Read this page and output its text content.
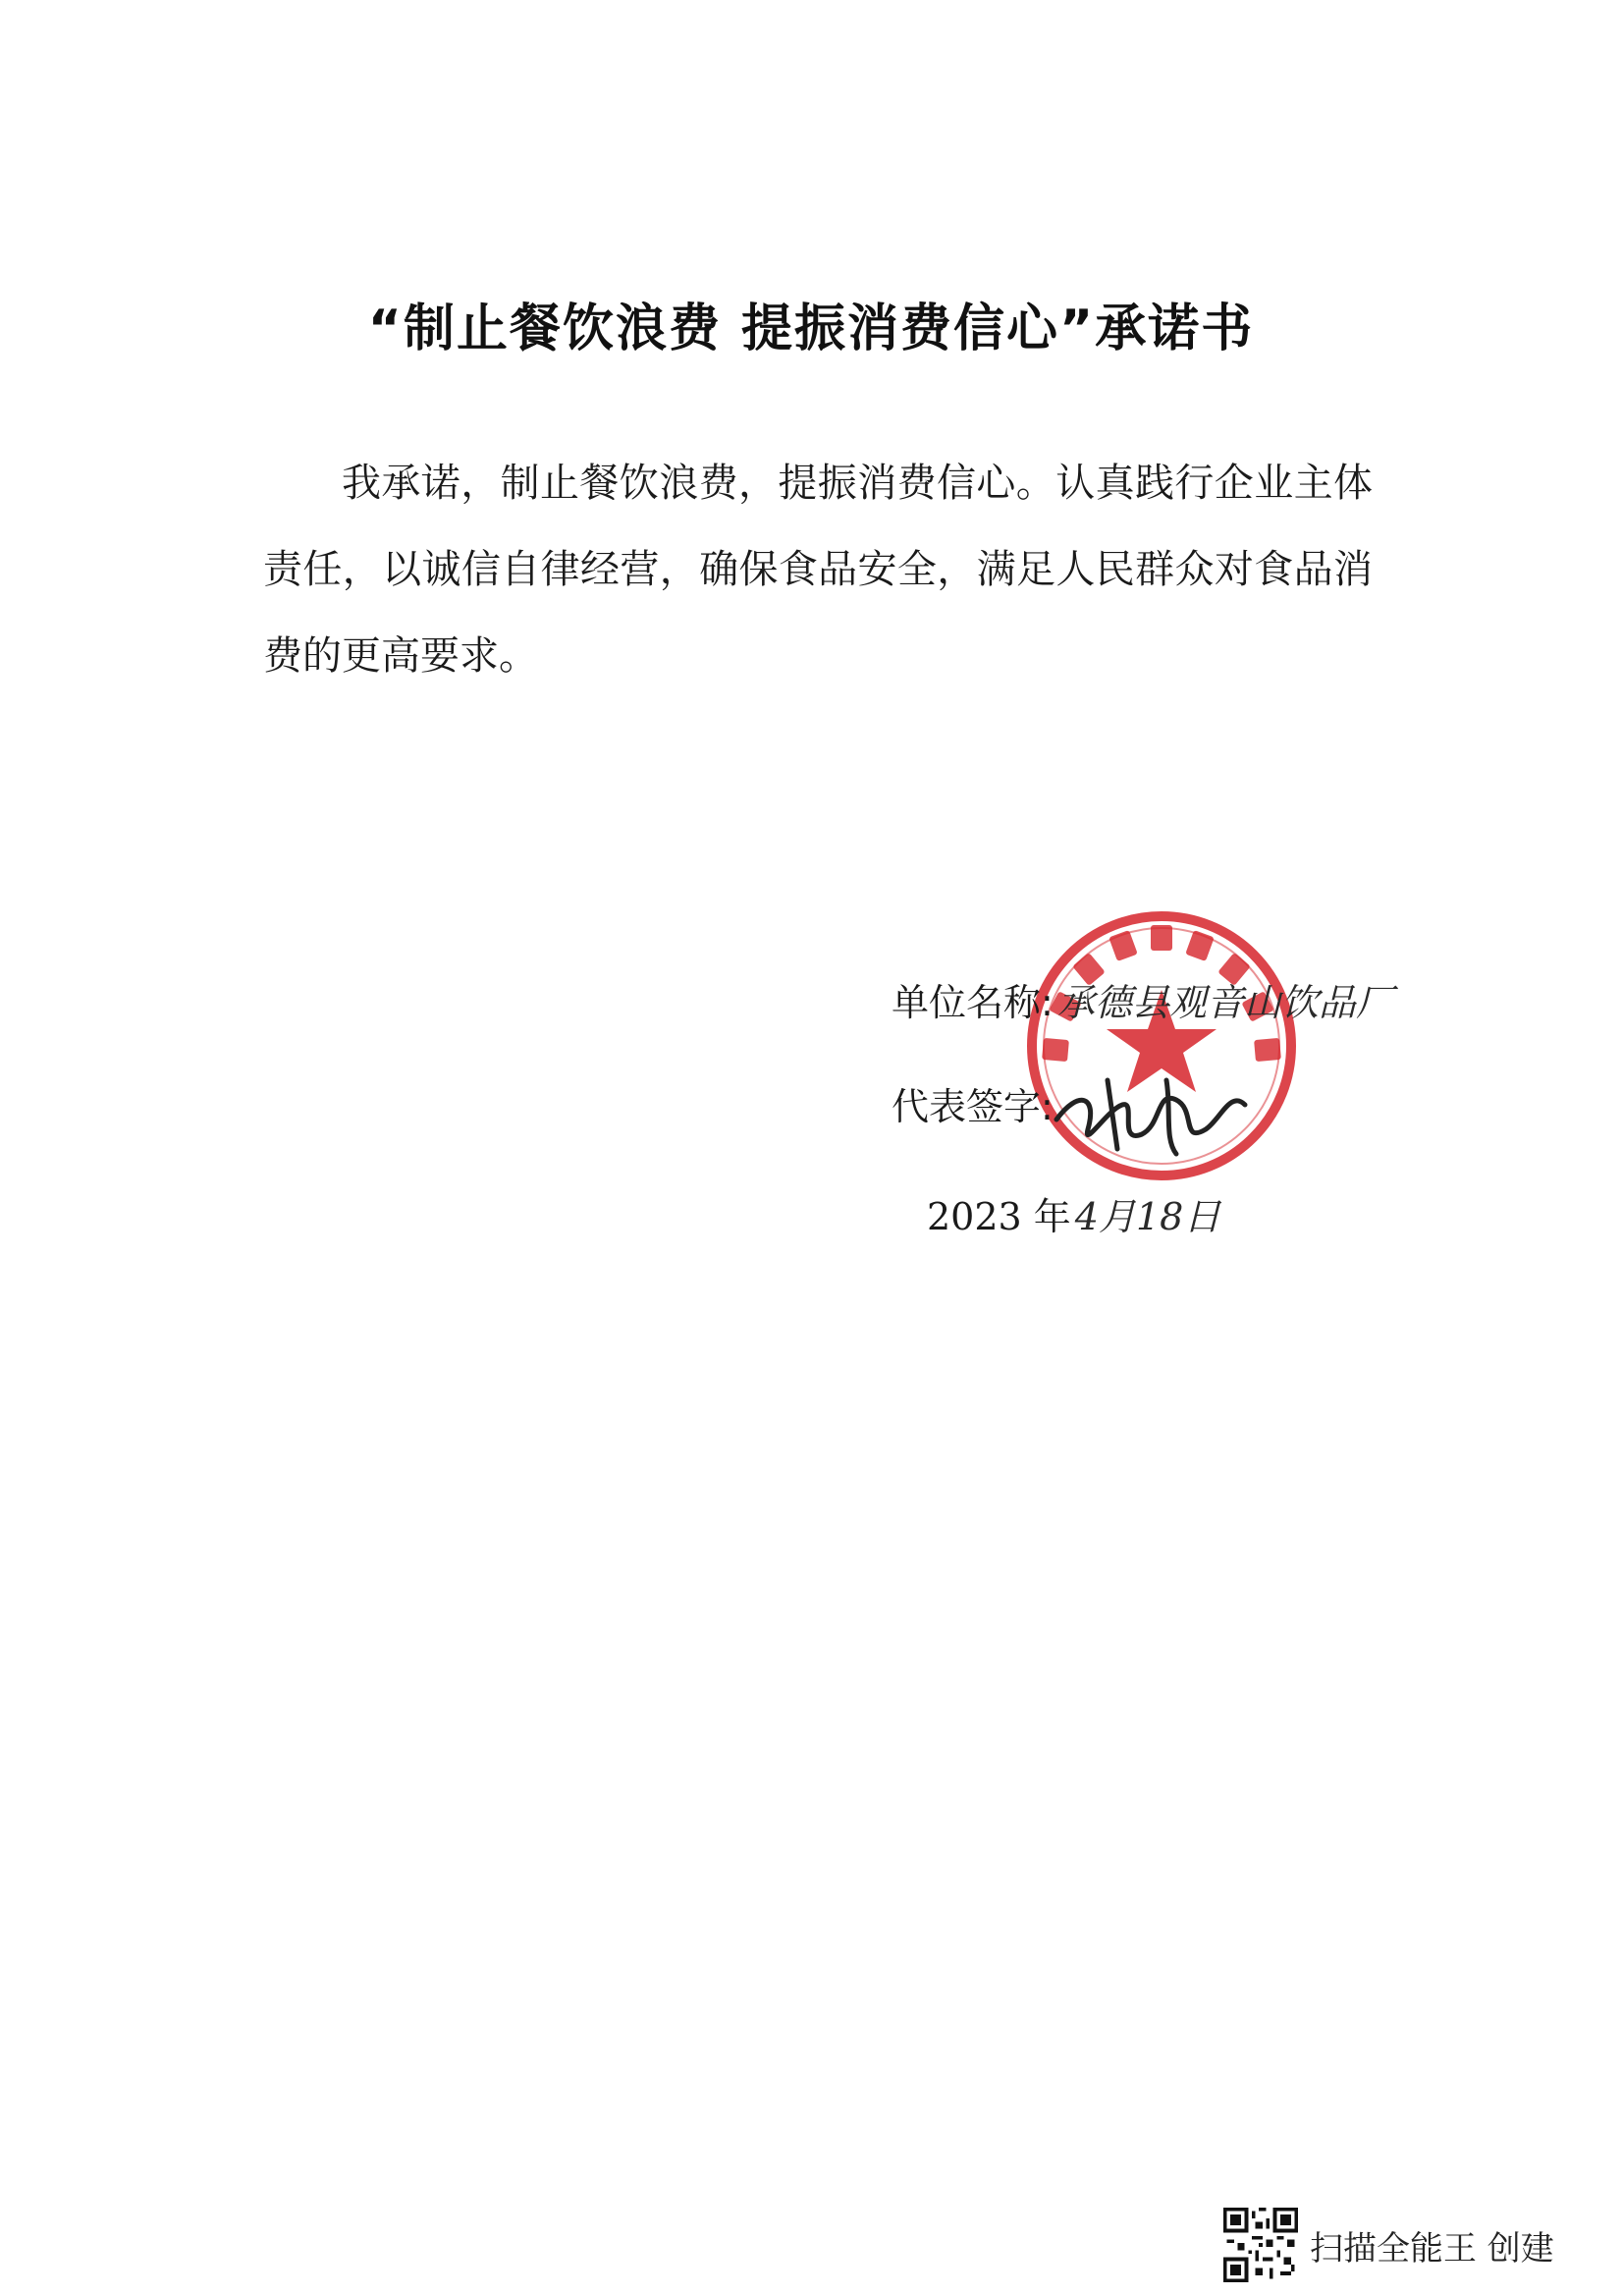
“制止餐饮浪费 提振消费信心”承诺书
我承诺，制止餐饮浪费，提振消费信心。认真践行企业主体责任，以诚信自律经营，确保食品安全，满足人民群众对食品消费的更高要求。
单位名称: 承德县观音山饮品厂
代表签字:
2023 年 4月18日
扫描全能王 创建
